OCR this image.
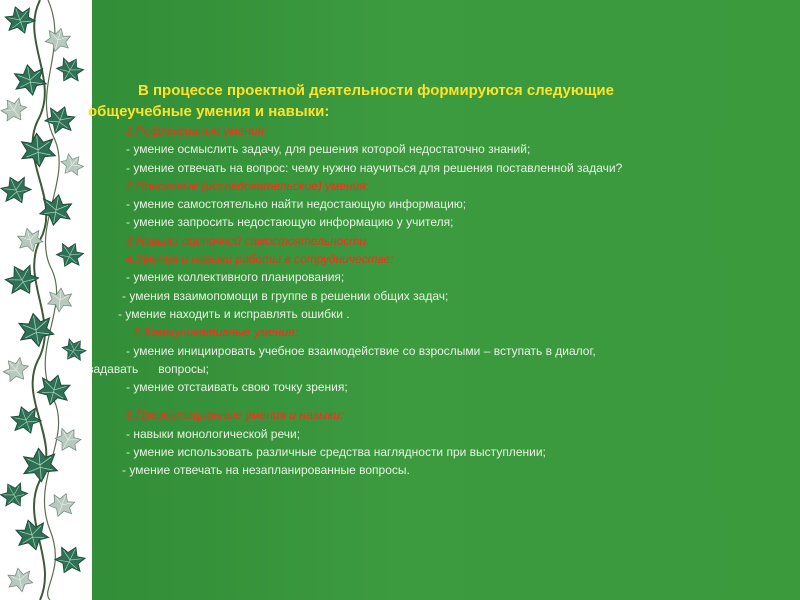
В процессе проектной деятельности формируются следующие
общеучебные умения и навыки:
1.Рефлексивные умения:
- умение осмыслить задачу, для решения которой недостаточно знаний;
- умение отвечать на вопрос: чему нужно научиться для решения поставленной задачи?
2.Поисковые (исследовательские) умения:
- умение самостоятельно найти недостающую информацию;
- умение запросить недостающую информацию у учителя;
3.Навыки оценочной самостоятельности.
4.Умения и навыки работы в сотрудничестве:
- умение коллективного планирования;
- умения взаимопомощи в группе в решении общих задач;
- умение находить и исправлять ошибки .
5.Коммуникативные умения:
- умение инициировать учебное взаимодействие со взрослыми – вступать в диалог,
задавать      вопросы;
- умение отстаивать свою точку зрения;
6.Презентационные умения и навыки:
- навыки монологической речи;
- умение использовать различные средства наглядности при выступлении;
- умение отвечать на незапланированные вопросы.
